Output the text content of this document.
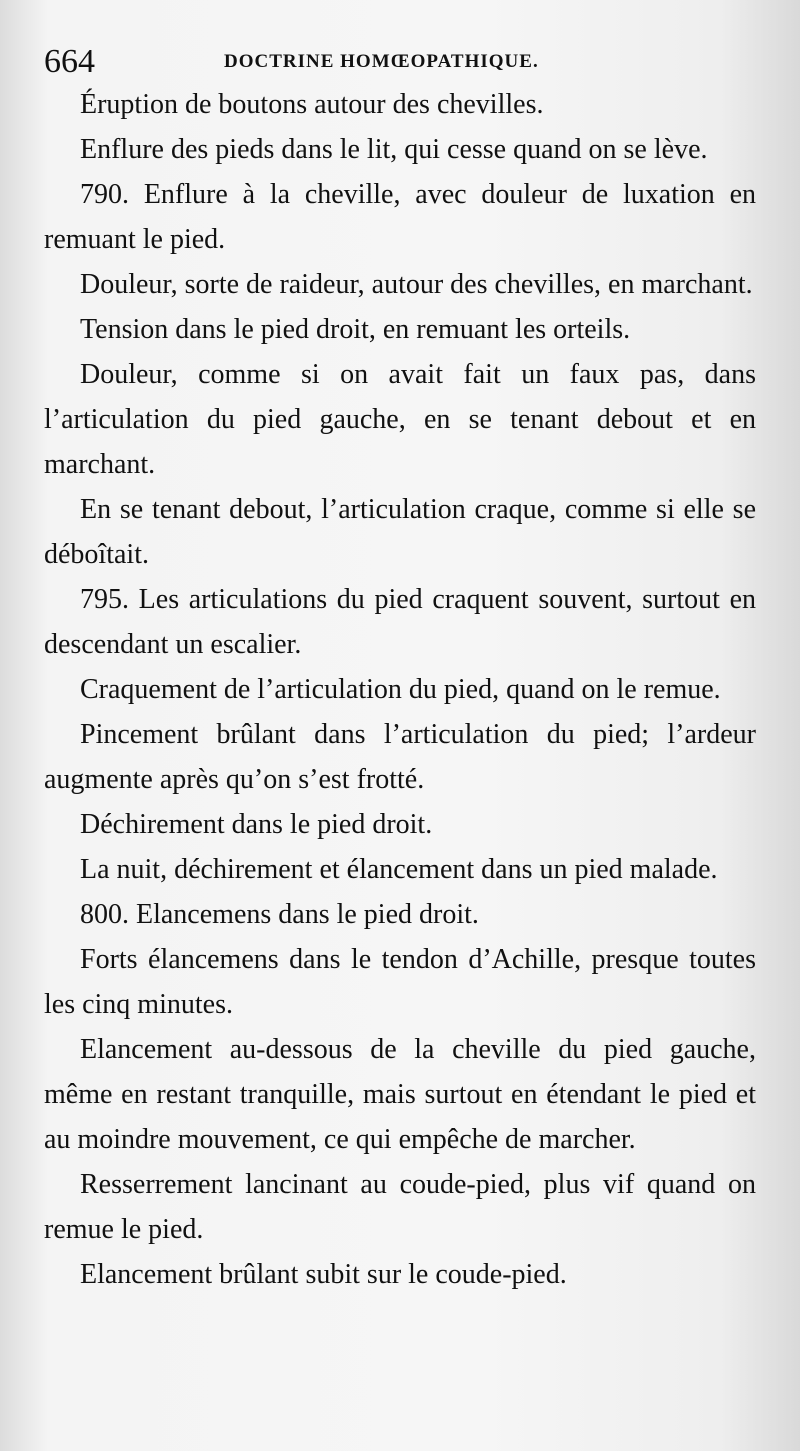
664	DOCTRINE HOMŒOPATHIQUE.

Éruption de boutons autour des chevilles.

Enflure des pieds dans le lit, qui cesse quand on se lève.

790. Enflure à la cheville, avec douleur de luxation en remuant le pied.

Douleur, sorte de raideur, autour des chevilles, en marchant.

Tension dans le pied droit, en remuant les orteils.

Douleur, comme si on avait fait un faux pas, dans l’articulation du pied gauche, en se tenant debout et en marchant.

En se tenant debout, l’articulation craque, comme si elle se déboîtait.

795. Les articulations du pied craquent souvent, surtout en descendant un escalier.

Craquement de l’articulation du pied, quand on le remue.

Pincement brûlant dans l’articulation du pied; l’ardeur augmente après qu’on s’est frotté.

Déchirement dans le pied droit.

La nuit, déchirement et élancement dans un pied malade.

800. Elancemens dans le pied droit.

Forts élancemens dans le tendon d’Achille, presque toutes les cinq minutes.

Elancement au-dessous de la cheville du pied gauche, même en restant tranquille, mais surtout en étendant le pied et au moindre mouvement, ce qui empêche de marcher.

Resserrement lancinant au coude-pied, plus vif quand on remue le pied.

Elancement brûlant subit sur le coude-pied.
